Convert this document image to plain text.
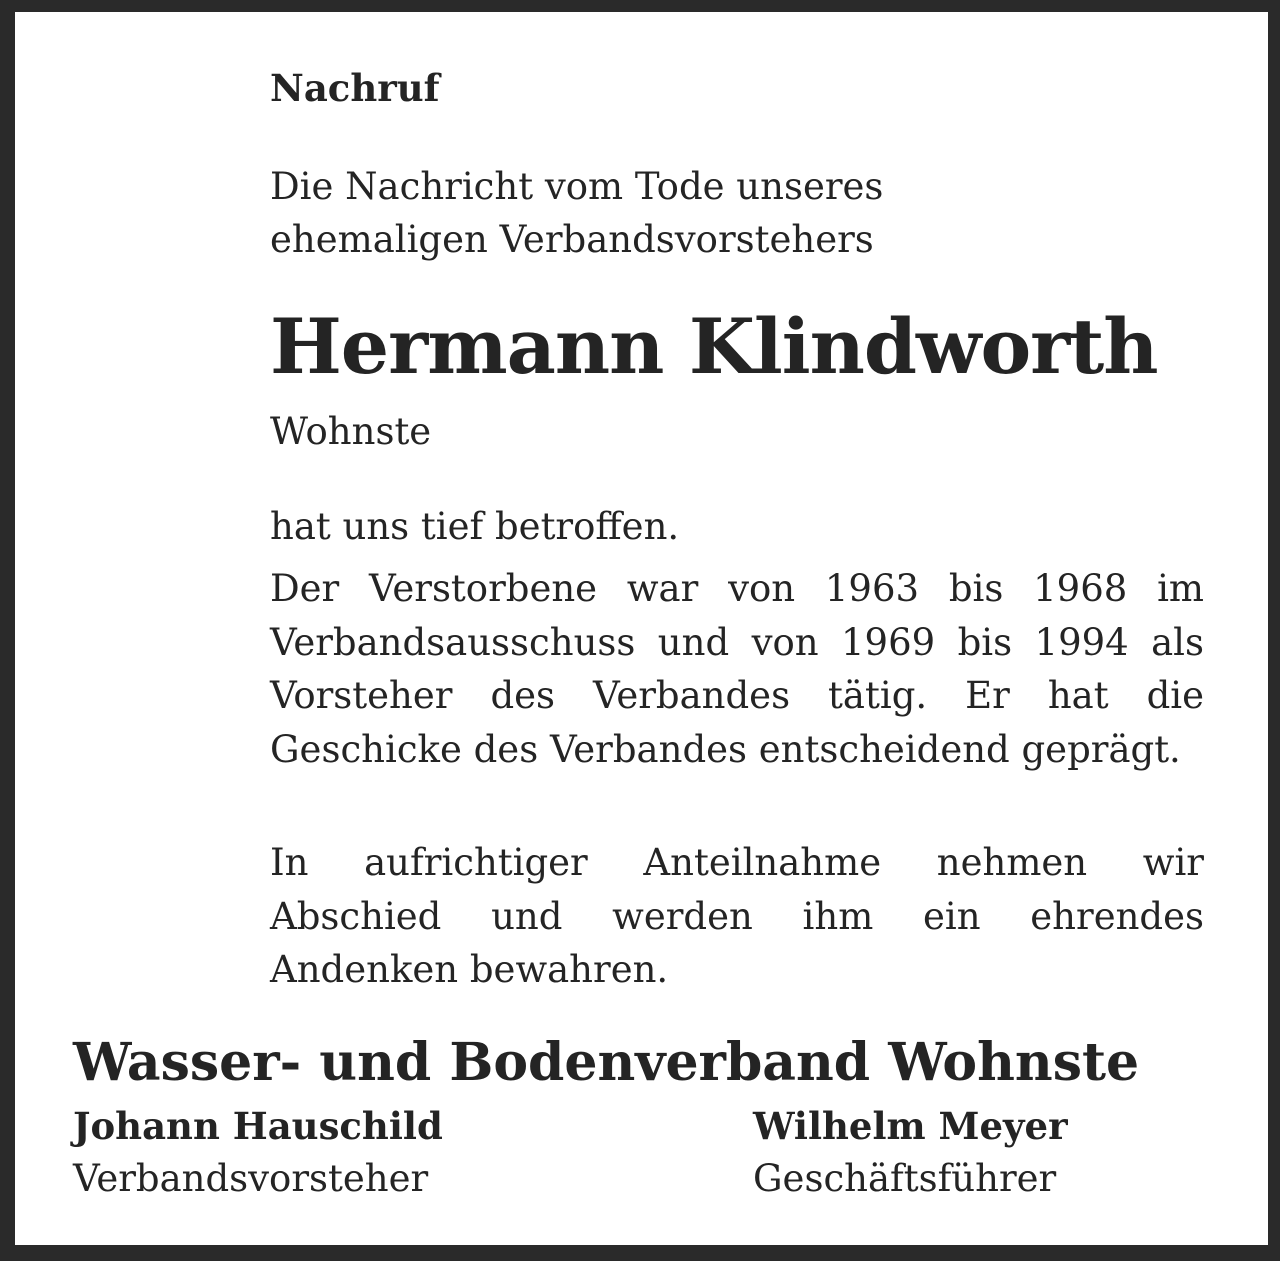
Nachruf
Die Nachricht vom Tode unseres
ehemaligen Verbandsvorstehers
Hermann Klindworth
Wohnste
hat uns tief betroffen.
Der Verstorbene war von 1963 bis 1968 im Verbandsausschuss und von 1969 bis 1994 als Vorsteher des Verbandes tätig. Er hat die Geschicke des Verbandes entscheidend geprägt.
In aufrichtiger Anteilnahme nehmen wir Abschied und werden ihm ein ehrendes Andenken bewahren.
Wasser- und Bodenverband Wohnste
Johann Hauschild
Verbandsvorsteher
Wilhelm Meyer
Geschäftsführer
